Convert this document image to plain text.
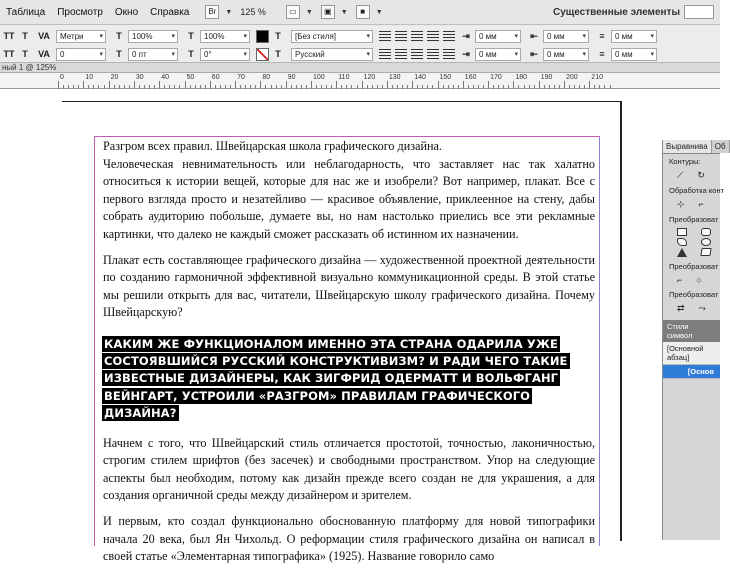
Таблица Просмотр Окно Справка	Br	▼ 125 %	▭	▼	▣	▼	■	▼	Существенные элементы
TT T	VA	Метри ▾	T	100% ▾	T	100% ▾	T	[Без стиля] ▾	⇥	0 мм ▾	⇤	0 мм ▾	≡	0 мм ▾
TT T	VA	0 ▾	T	0 пт ▾	T	0° ▾	T	Русский ▾	⇥	0 мм ▾	⇤	0 мм ▾	≡	0 мм ▾
ный 1 @ 125%
0	10	20	30	40	50	60	70	80	90	100 110 120 130 140 150 160 170 180 190 200 210
Разгром всех правил. Швейцарская школа графического дизайна.
Человеческая невнимательность или неблагодарность, что заставляет нас так халатно относиться к истории вещей, которые для нас же и изобрели? Вот например, плакат. Все с первого взгляда просто и незатейливо — красивое объявление, приклеенное на стену, дабы собрать аудиторию побольше, думаете вы, но нам настолько приелись все эти рекламные картинки, что далеко не каждый сможет рассказать об истинном их назначении.
Плакат есть составляющее графического дизайна — художественной проектной деятельности по созданию гармоничной эффективной визуально коммуникационной среды. В этой статье мы решили открыть для вас, читатели, Швейцарскую школу графического дизайна. Почему Швейцарскую?
КАКИМ ЖЕ ФУНКЦИОНАЛОМ ИМЕННО ЭТА СТРАНА ОДАРИЛА УЖЕ СОСТОЯВШИЙСЯ РУССКИЙ КОНСТРУКТИВИЗМ? И РАДИ ЧЕГО ТАКИЕ ИЗВЕСТНЫЕ ДИЗАЙНЕРЫ, КАК ЗИГФРИД ОДЕРМАТТ И ВОЛЬФГАНГ ВЕЙНГАРТ, УСТРОИЛИ «РАЗГРОМ» ПРАВИЛАМ ГРАФИЧЕСКОГО ДИЗАЙНА?
Начнем с того, что Швейцарский стиль отличается простотой, точностью, лаконичностью, строгим стилем шрифтов (без засечек) и свободными пространством. Упор на следующие аспекты был необходим, потому как дизайн прежде всего создан не для украшения, а для создания органичной среды между дизайнером и зрителем.
И первым, кто создал функционально обоснованную платформу для новой типографики начала 20 века, был Ян Чихольд. О реформации стиля графического дизайна он написал в своей статье «Элементарная типографика» (1925). Название говорило само
Выравнива Об
Контуры:
⟋ ↻
Обработка конт
⊹ ⌐
Преобразоват
Преобразоват
⌐ ○
Преобразоват
⇄ ⤳
Стили символ
[Основной абзац]
[Основ
